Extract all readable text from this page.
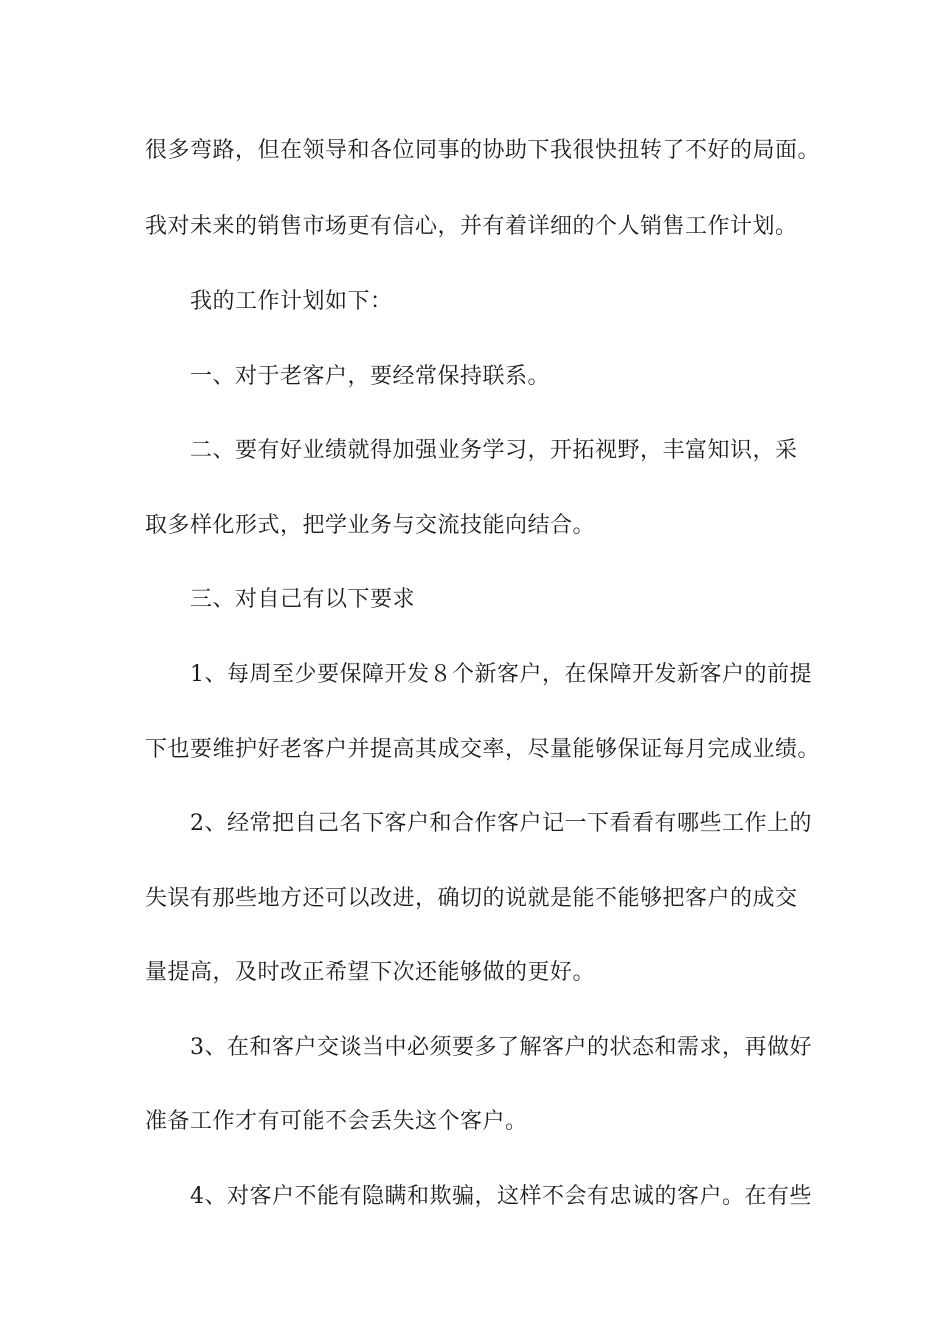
很多弯路，但在领导和各位同事的协助下我很快扭转了不好的局面。
我对未来的销售市场更有信心，并有着详细的个人销售工作计划。
我的工作计划如下：
一、对于老客户，要经常保持联系。
二、要有好业绩就得加强业务学习，开拓视野，丰富知识，采
取多样化形式，把学业务与交流技能向结合。
三、对自己有以下要求
1、每周至少要保障开发８个新客户，在保障开发新客户的前提
下也要维护好老客户并提高其成交率，尽量能够保证每月完成业绩。
2、经常把自己名下客户和合作客户记一下看看有哪些工作上的
失误有那些地方还可以改进，确切的说就是能不能够把客户的成交
量提高，及时改正希望下次还能够做的更好。
3、在和客户交谈当中必须要多了解客户的状态和需求，再做好
准备工作才有可能不会丢失这个客户。
4、对客户不能有隐瞒和欺骗，这样不会有忠诚的客户。在有些
